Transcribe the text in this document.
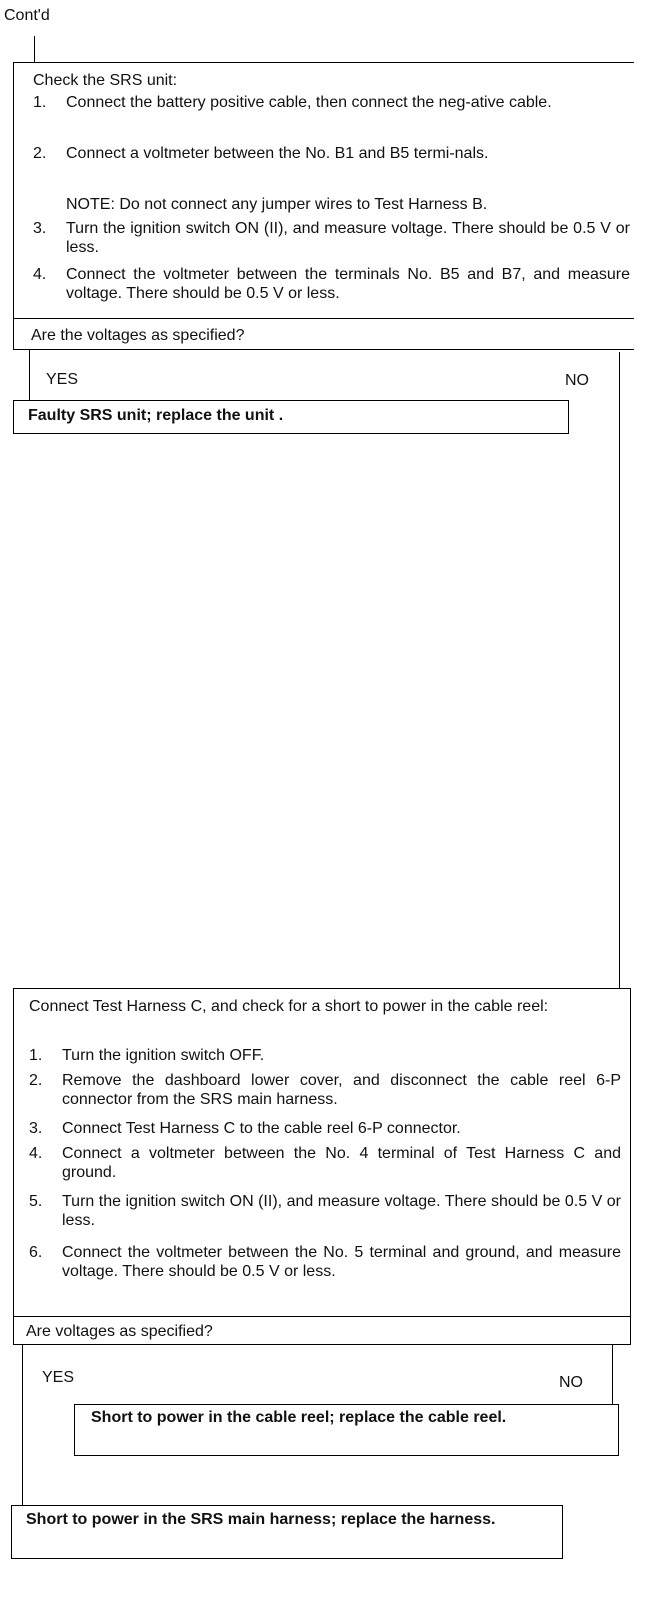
Cont'd
Check the SRS unit:
1. Connect the battery positive cable, then connect the neg-ative cable.
2. Connect a voltmeter between the No. B1 and B5 termi-nals.
NOTE: Do not connect any jumper wires to Test Harness B.
3. Turn the ignition switch ON (II), and measure voltage. There should be 0.5 V or less.
4. Connect the voltmeter between the terminals No. B5 and B7, and measure voltage. There should be 0.5 V or less.
Are the voltages as specified?
YES	NO
Faulty SRS unit; replace the unit .
Connect Test Harness C, and check for a short to power in the cable reel:
1. Turn the ignition switch OFF.
2. Remove the dashboard lower cover, and disconnect the cable reel 6-P connector from the SRS main harness.
3. Connect Test Harness C to the cable reel 6-P connector.
4. Connect a voltmeter between the No. 4 terminal of Test Harness C and ground.
5. Turn the ignition switch ON (II), and measure voltage. There should be 0.5 V or less.
6. Connect the voltmeter between the No. 5 terminal and ground, and measure voltage. There should be 0.5 V or less.
Are voltages as specified?
YES	NO
Short to power in the cable reel; replace the cable reel.
Short to power in the SRS main harness; replace the harness.
